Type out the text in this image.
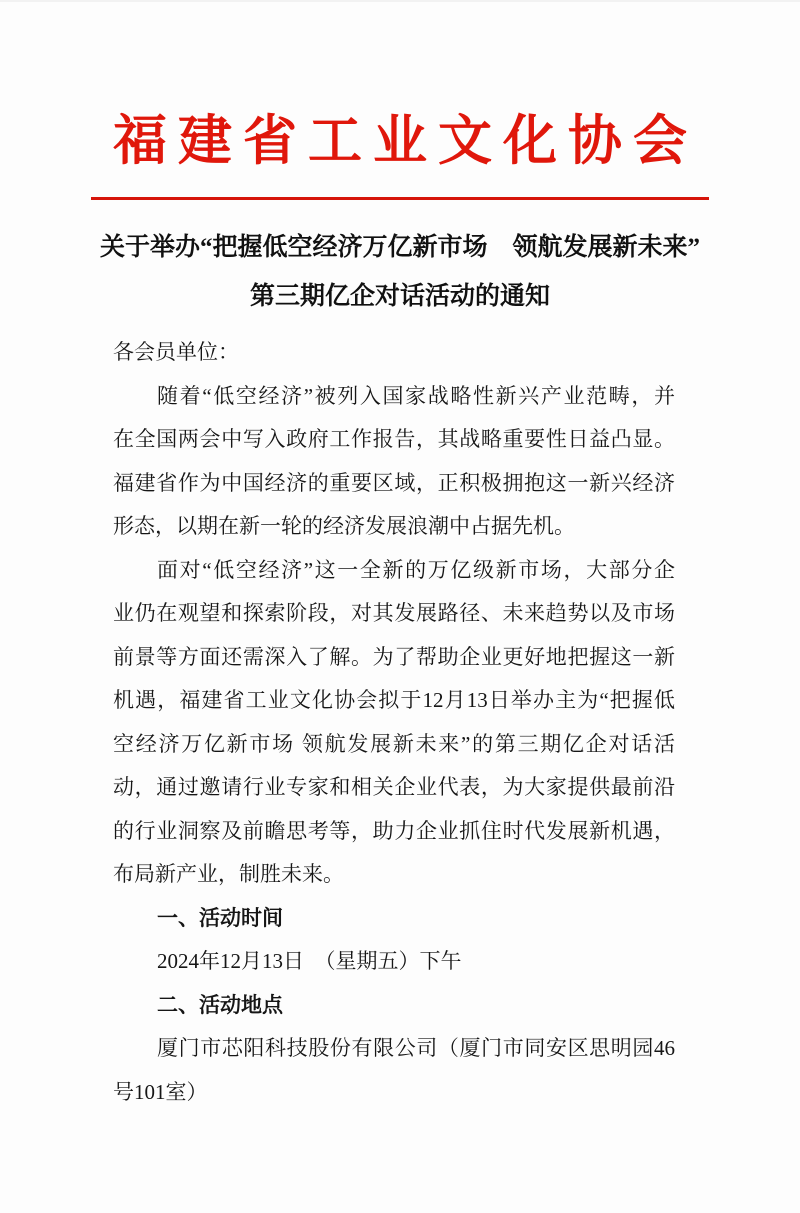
福建省工业文化协会
关于举办“把握低空经济万亿新市场　领航发展新未来”
第三期亿企对话活动的通知
各会员单位：
随着“低空经济”被列入国家战略性新兴产业范畴，并
在全国两会中写入政府工作报告，其战略重要性日益凸显。
福建省作为中国经济的重要区域，正积极拥抱这一新兴经济
形态，以期在新一轮的经济发展浪潮中占据先机。
面对“低空经济”这一全新的万亿级新市场，大部分企
业仍在观望和探索阶段，对其发展路径、未来趋势以及市场
前景等方面还需深入了解。为了帮助企业更好地把握这一新
机遇，福建省工业文化协会拟于12月13日举办主为“把握低
空经济万亿新市场 领航发展新未来”的第三期亿企对话活
动，通过邀请行业专家和相关企业代表，为大家提供最前沿
的行业洞察及前瞻思考等，助力企业抓住时代发展新机遇，
布局新产业，制胜未来。
一、活动时间
2024年12月13日　（星期五）下午
二、活动地点
厦门市芯阳科技股份有限公司（厦门市同安区思明园46
号101室）
